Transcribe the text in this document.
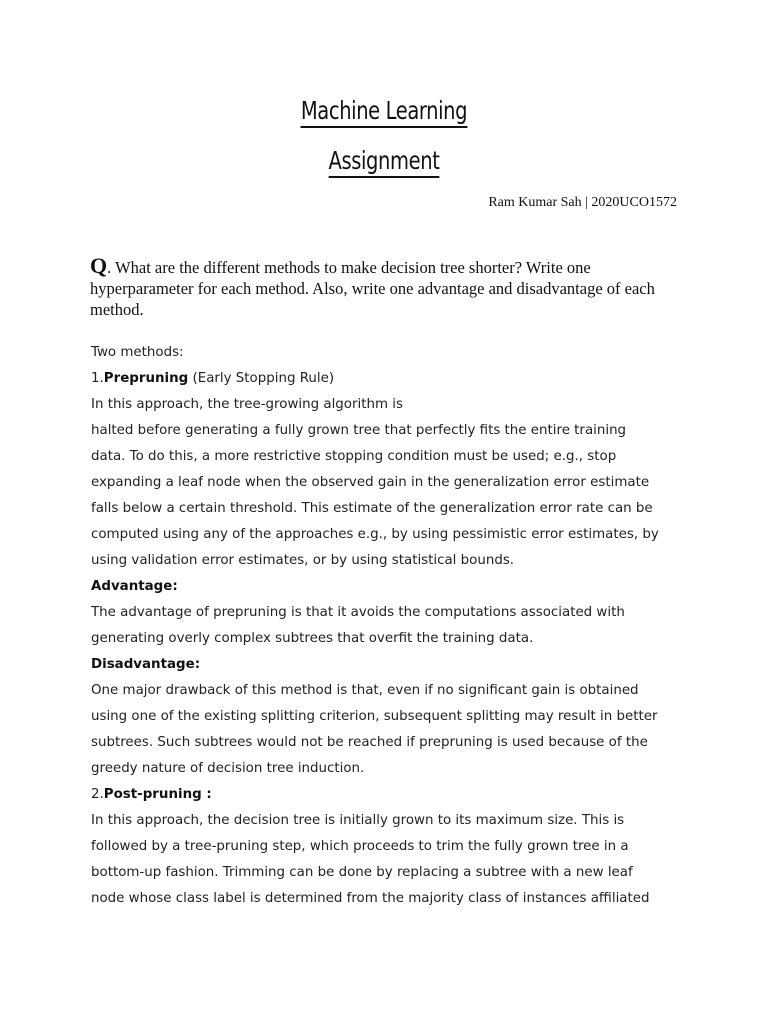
Machine Learning
Assignment
Ram Kumar Sah | 2020UCO1572
Q. What are the different methods to make decision tree shorter? Write one hyperparameter for each method. Also, write one advantage and disadvantage of each method.

Two methods:

1.Prepruning (Early Stopping Rule)

In this approach, the tree-growing algorithm is

halted before generating a fully grown tree that perfectly fits the entire training

data. To do this, a more restrictive stopping condition must be used; e.g., stop

expanding a leaf node when the observed gain in the generalization error estimate

falls below a certain threshold. This estimate of the generalization error rate can be

computed using any of the approaches e.g., by using pessimistic error estimates, by

using validation error estimates, or by using statistical bounds.

Advantage:

The advantage of prepruning is that it avoids the computations associated with

generating overly complex subtrees that overfit the training data.

Disadvantage:

One major drawback of this method is that, even if no significant gain is obtained

using one of the existing splitting criterion, subsequent splitting may result in better

subtrees. Such subtrees would not be reached if prepruning is used because of the

greedy nature of decision tree induction.

2.Post-pruning :

In this approach, the decision tree is initially grown to its maximum size. This is

followed by a tree-pruning step, which proceeds to trim the fully grown tree in a

bottom-up fashion. Trimming can be done by replacing a subtree with a new leaf

node whose class label is determined from the majority class of instances affiliated
